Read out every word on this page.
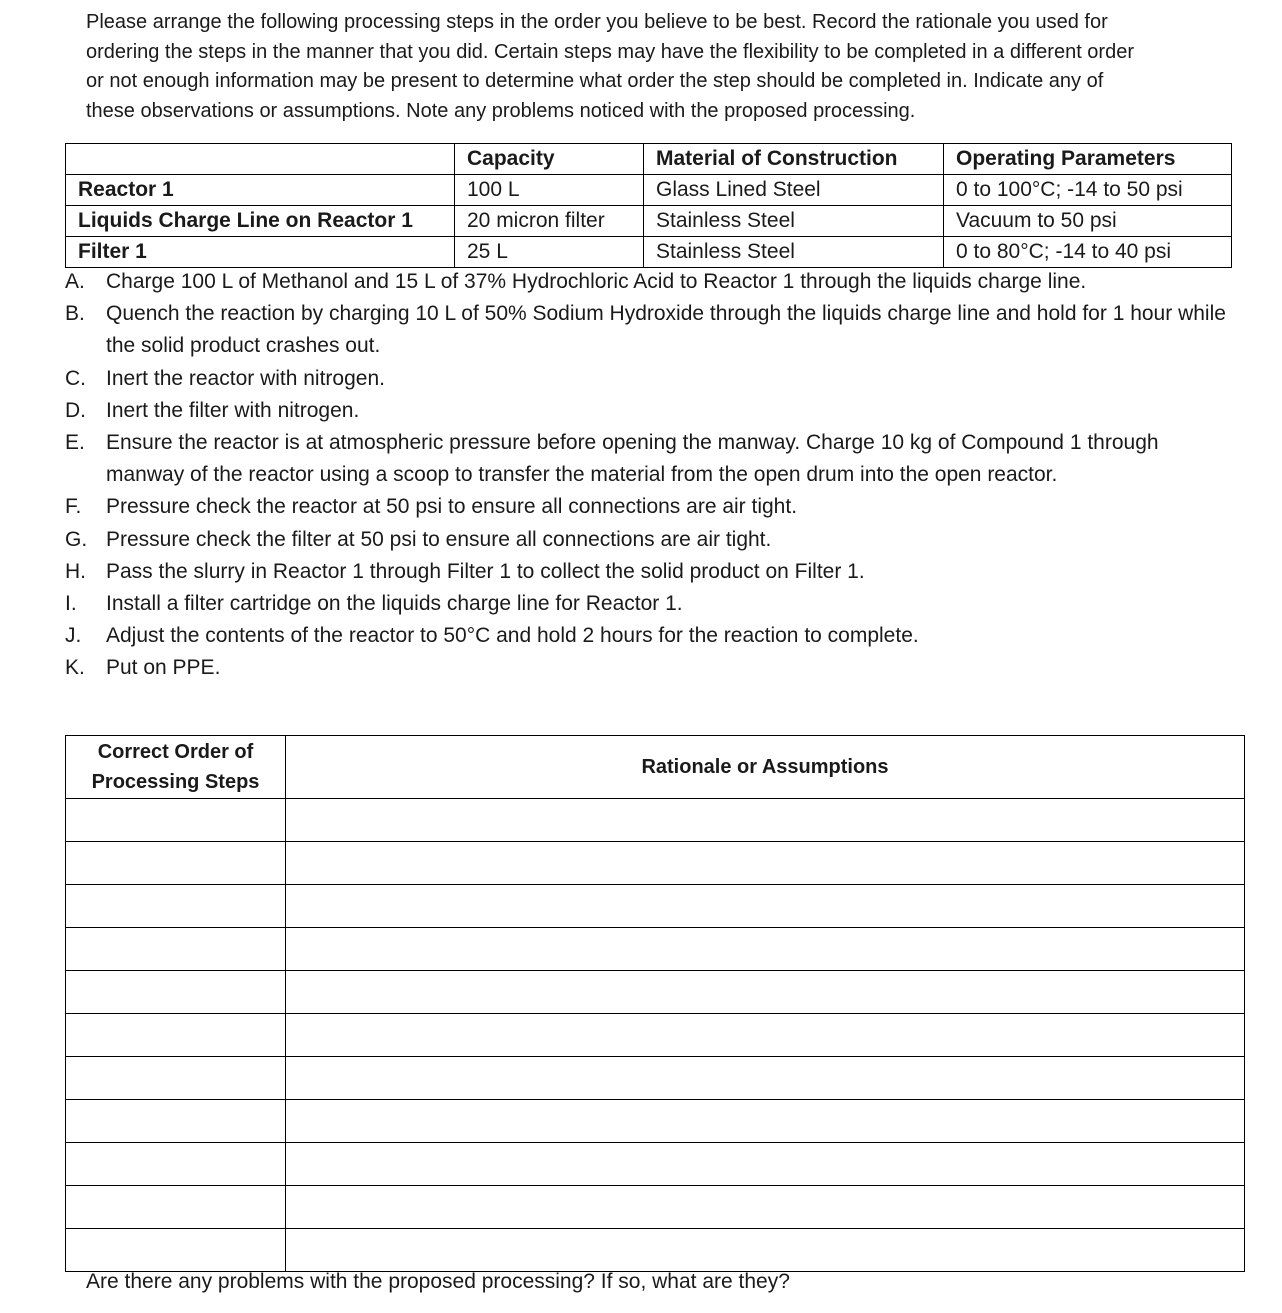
Please arrange the following processing steps in the order you believe to be best. Record the rationale you used for
ordering the steps in the manner that you did. Certain steps may have the flexibility to be completed in a different order
or not enough information may be present to determine what order the step should be completed in. Indicate any of
these observations or assumptions. Note any problems noticed with the proposed processing.
	Capacity	Material of Construction	Operating Parameters
Reactor 1	100 L	Glass Lined Steel	0 to 100°C; -14 to 50 psi
Liquids Charge Line on Reactor 1	20 micron filter	Stainless Steel	Vacuum to 50 psi
Filter 1	25 L	Stainless Steel	0 to 80°C; -14 to 40 psi
A.	Charge 100 L of Methanol and 15 L of 37% Hydrochloric Acid to Reactor 1 through the liquids charge line.
B.	Quench the reaction by charging 10 L of 50% Sodium Hydroxide through the liquids charge line and hold for 1 hour while the solid product crashes out.
C. Inert the reactor with nitrogen.
D. Inert the filter with nitrogen.
E.	Ensure the reactor is at atmospheric pressure before opening the manway. Charge 10 kg of Compound 1 through manway of the reactor using a scoop to transfer the material from the open drum into the open reactor.
F.	Pressure check the reactor at 50 psi to ensure all connections are air tight.
G. Pressure check the filter at 50 psi to ensure all connections are air tight.
H. Pass the slurry in Reactor 1 through Filter 1 to collect the solid product on Filter 1.
I.	Install a filter cartridge on the liquids charge line for Reactor 1.
J.	Adjust the contents of the reactor to 50°C and hold 2 hours for the reaction to complete.
K.	Put on PPE.
Correct Order of
Processing Steps	Rationale or Assumptions

Are there any problems with the proposed processing? If so, what are they?
